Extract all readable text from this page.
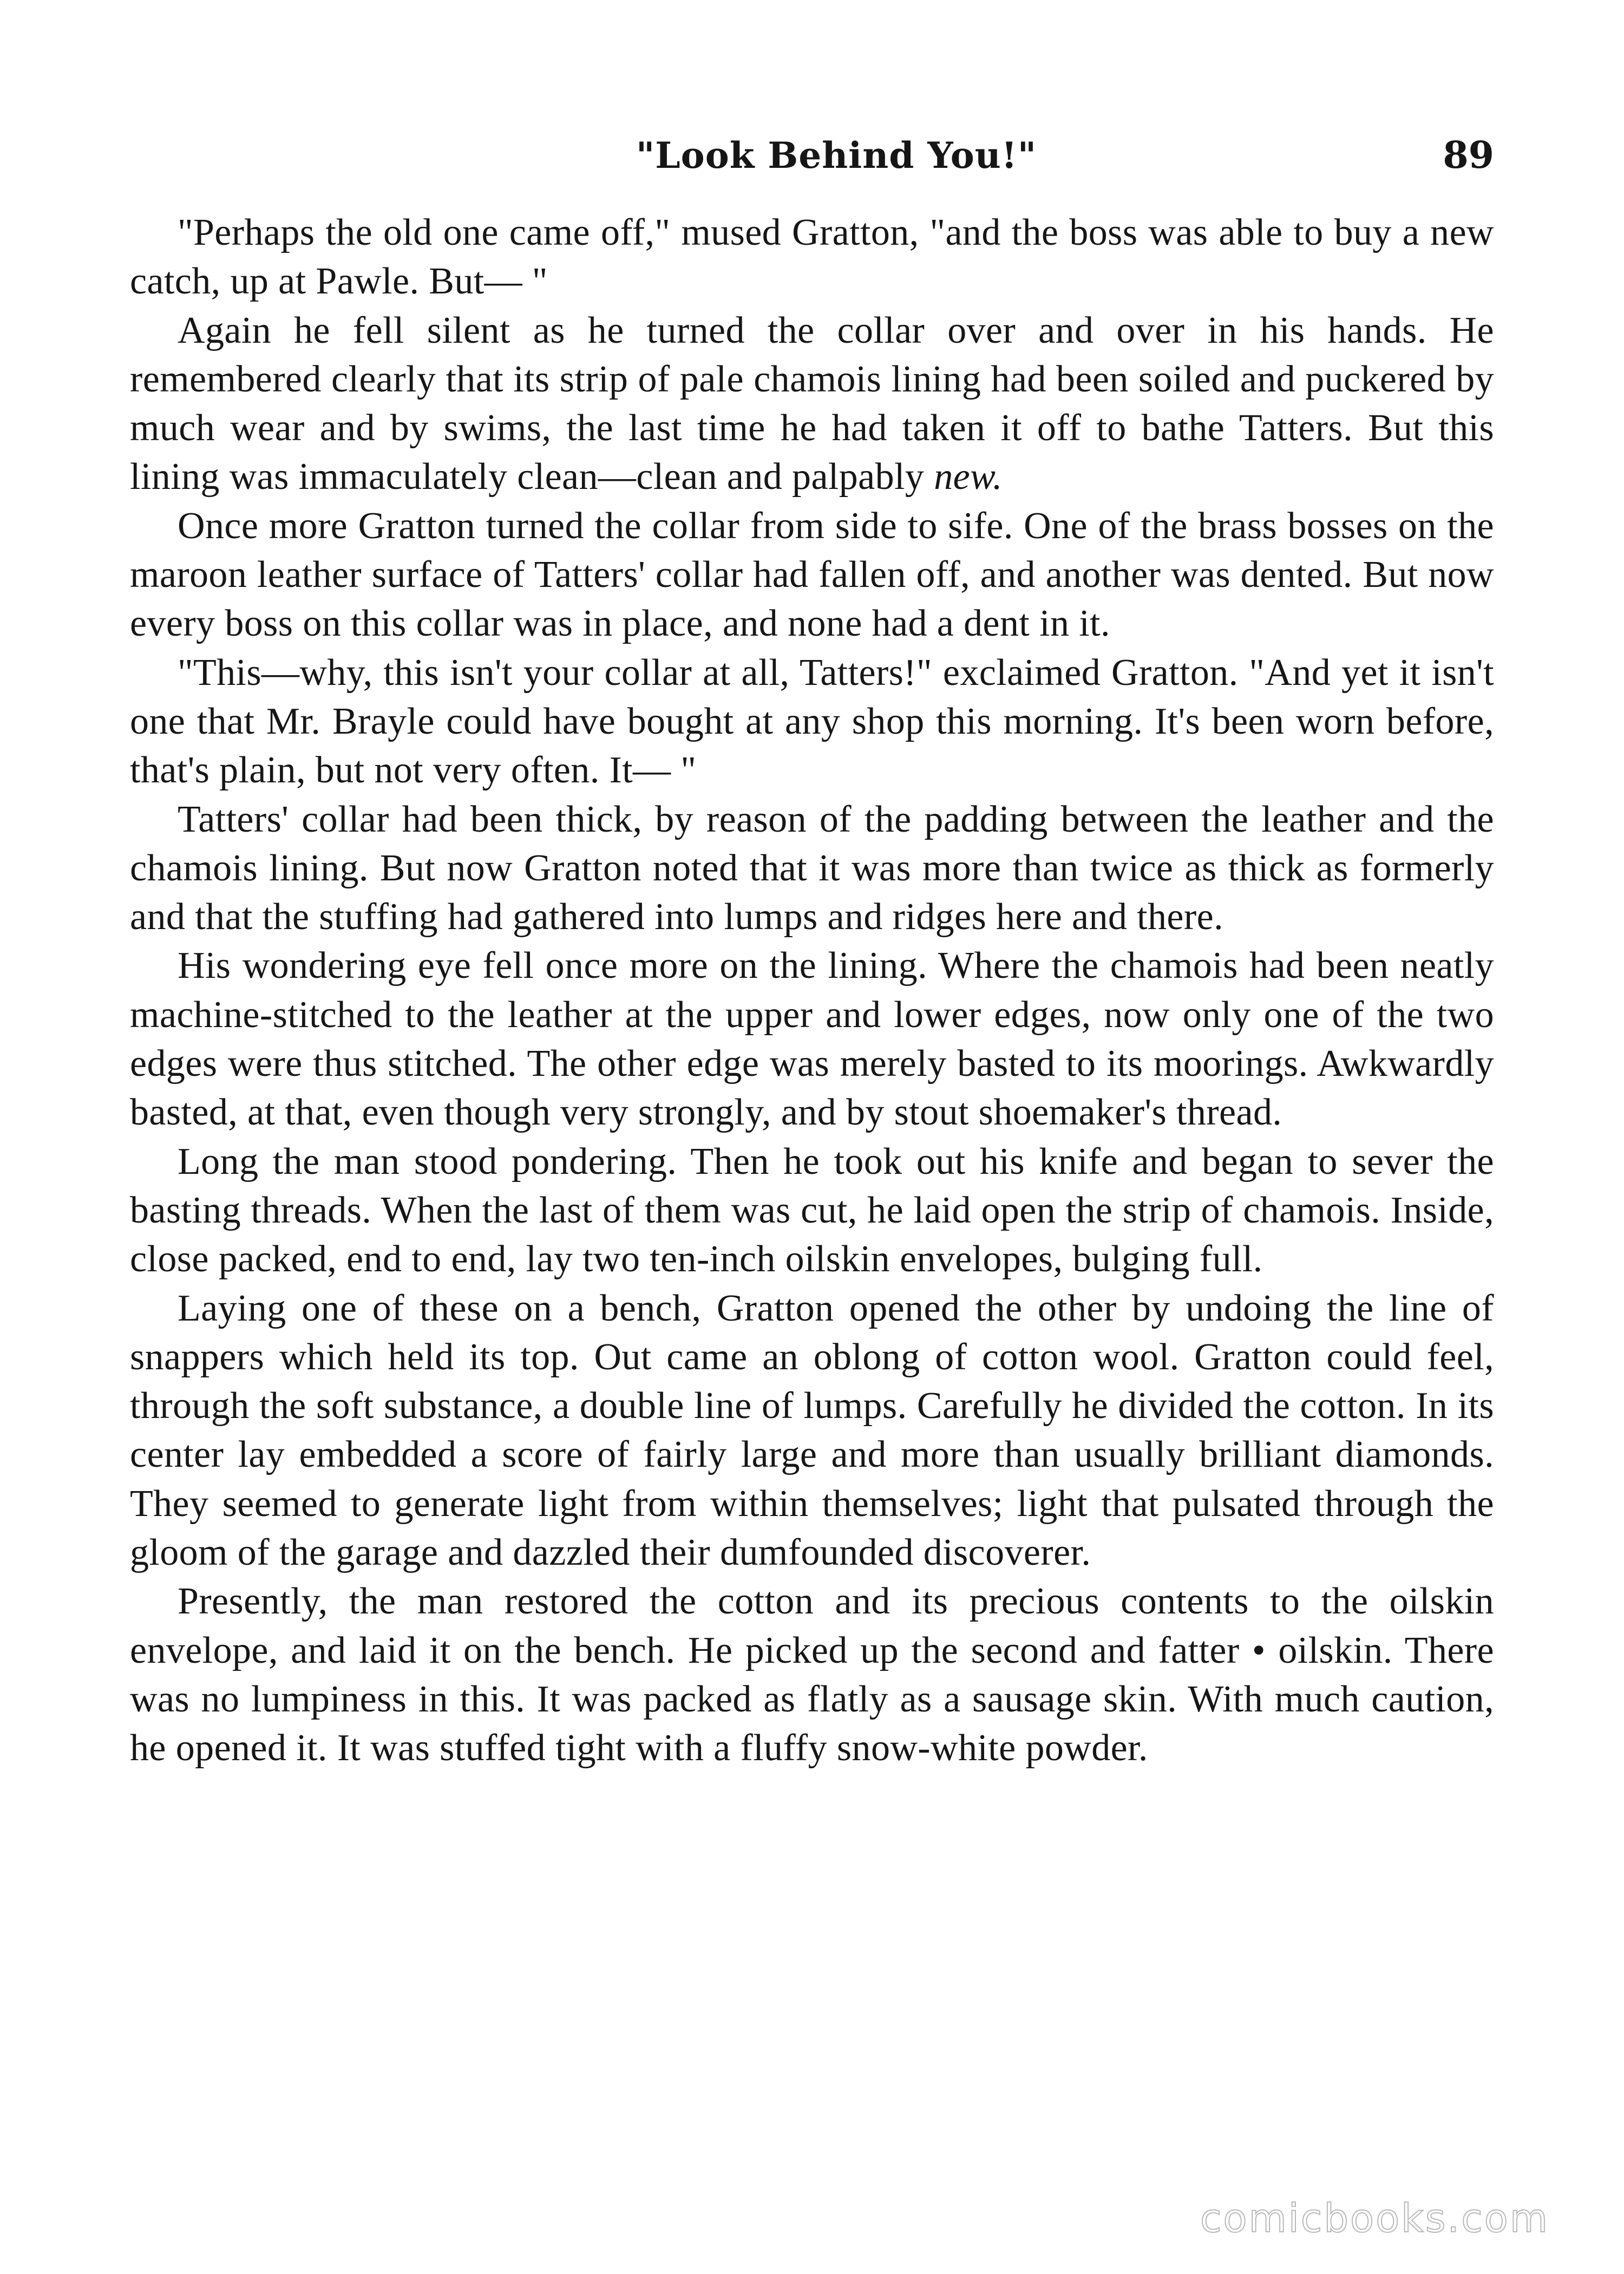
"Look Behind You!"	89

"Perhaps the old one came off," mused Gratton, "and the boss was able to buy a new catch, up at Pawle. But— "

Again he fell silent as he turned the collar over and over in his hands. He remembered clearly that its strip of pale chamois lining had been soiled and puckered by much wear and by swims, the last time he had taken it off to bathe Tatters. But this lining was immaculately clean—clean and palpably new.

Once more Gratton turned the collar from side to sife. One of the brass bosses on the maroon leather surface of Tatters' collar had fallen off, and another was dented. But now every boss on this collar was in place, and none had a dent in it.

"This—why, this isn't your collar at all, Tatters!" exclaimed Gratton. "And yet it isn't one that Mr. Brayle could have bought at any shop this morning. It's been worn before, that's plain, but not very often. It— "

Tatters' collar had been thick, by reason of the padding between the leather and the chamois lining. But now Gratton noted that it was more than twice as thick as formerly and that the stuffing had gathered into lumps and ridges here and there.

His wondering eye fell once more on the lining. Where the chamois had been neatly machine-stitched to the leather at the upper and lower edges, now only one of the two edges were thus stitched. The other edge was merely basted to its moorings. Awkwardly basted, at that, even though very strongly, and by stout shoemaker's thread.

Long the man stood pondering. Then he took out his knife and began to sever the basting threads. When the last of them was cut, he laid open the strip of chamois. Inside, close packed, end to end, lay two ten-inch oilskin envelopes, bulging full.

Laying one of these on a bench, Gratton opened the other by undoing the line of snappers which held its top. Out came an oblong of cotton wool. Gratton could feel, through the soft substance, a double line of lumps. Carefully he divided the cotton. In its center lay embedded a score of fairly large and more than usually brilliant diamonds. They seemed to generate light from within themselves; light that pulsated through the gloom of the garage and dazzled their dumfounded discoverer.

Presently, the man restored the cotton and its precious contents to the oilskin envelope, and laid it on the bench. He picked up the second and fatter • oilskin. There was no lumpiness in this. It was packed as flatly as a sausage skin. With much caution, he opened it. It was stuffed tight with a fluffy snow-white powder.

comicbooks.com
